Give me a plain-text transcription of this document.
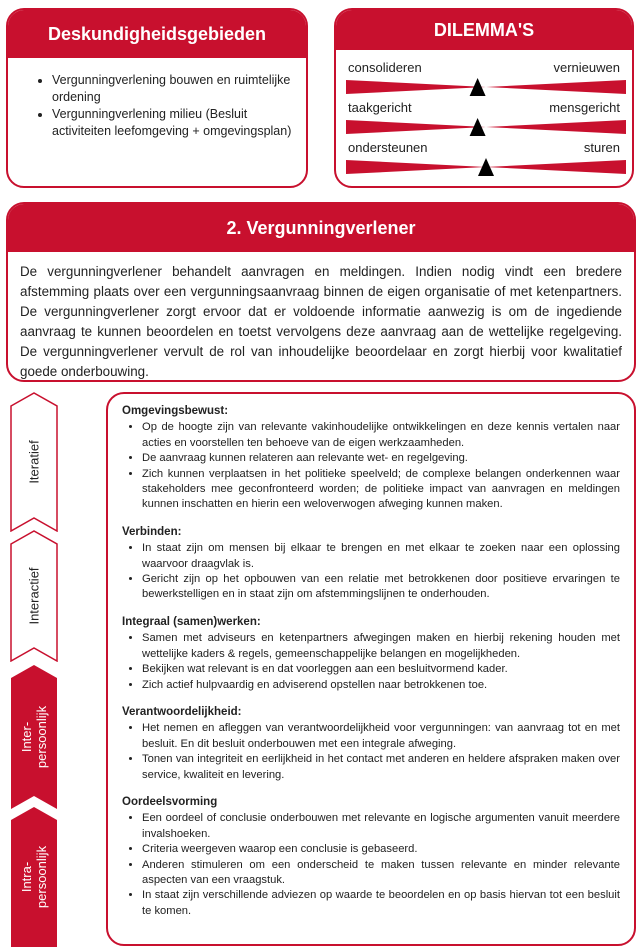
Deskundigheidsgebieden
• Vergunningverlening bouwen en ruimtelijke ordening
• Vergunningverlening milieu (Besluit activiteiten leefomgeving + omgevingsplan)
DILEMMA'S
consolideren	vernieuwen
taakgericht	mensgericht
ondersteunen	sturen
2. Vergunningverlener

De vergunningverlener behandelt aanvragen en meldingen. Indien nodig vindt een bredere afstemming plaats over een vergunningsaanvraag binnen de eigen organisatie of met ketenpartners. De vergunningverlener zorgt ervoor dat er voldoende informatie aanwezig is om de ingediende aanvraag te kunnen beoordelen en toetst vervolgens deze aanvraag aan de wettelijke regelgeving. De vergunningverlener vervult de rol van inhoudelijke beoordelaar en zorgt hierbij voor kwalitatief goede onderbouwing.

Iteratief
Interactief
Inter- persoonlijk
Intra- persoonlijk

Omgevingsbewust:

• Op de hoogte zijn van relevante vakinhoudelijke ontwikkelingen en deze kennis vertalen naar acties en voorstellen ten behoeve van de eigen werkzaamheden.
• De aanvraag kunnen relateren aan relevante wet- en regelgeving.
• Zich kunnen verplaatsen in het politieke speelveld; de complexe belangen onderkennen waar stakeholders mee geconfronteerd worden; de politieke impact van aanvragen en meldingen kunnen inschatten en hierin een weloverwogen afweging kunnen maken.

Verbinden:

• In staat zijn om mensen bij elkaar te brengen en met elkaar te zoeken naar een oplossing waarvoor draagvlak is.
• Gericht zijn op het opbouwen van een relatie met betrokkenen door positieve ervaringen te bewerkstelligen en in staat zijn om afstemmingslijnen te onderhouden.

Integraal (samen)werken:

• Samen met adviseurs en ketenpartners afwegingen maken en hierbij rekening houden met wettelijke kaders & regels, gemeenschappelijke belangen en mogelijkheden.
• Bekijken wat relevant is en dat voorleggen aan een besluitvormend kader.
• Zich actief hulpvaardig en adviserend opstellen naar betrokkenen toe.

Verantwoordelijkheid:

• Het nemen en afleggen van verantwoordelijkheid voor vergunningen: van aanvraag tot en met besluit. En dit besluit onderbouwen met een integrale afweging.
• Tonen van integriteit en eerlijkheid in het contact met anderen en heldere afspraken maken over service, kwaliteit en levering.

Oordeelsvorming

• Een oordeel of conclusie onderbouwen met relevante en logische argumenten vanuit meerdere invalshoeken.
• Criteria weergeven waarop een conclusie is gebaseerd.
• Anderen stimuleren om een onderscheid te maken tussen relevante en minder relevante aspecten van een vraagstuk.
• In staat zijn verschillende adviezen op waarde te beoordelen en op basis hiervan tot een besluit te komen.
